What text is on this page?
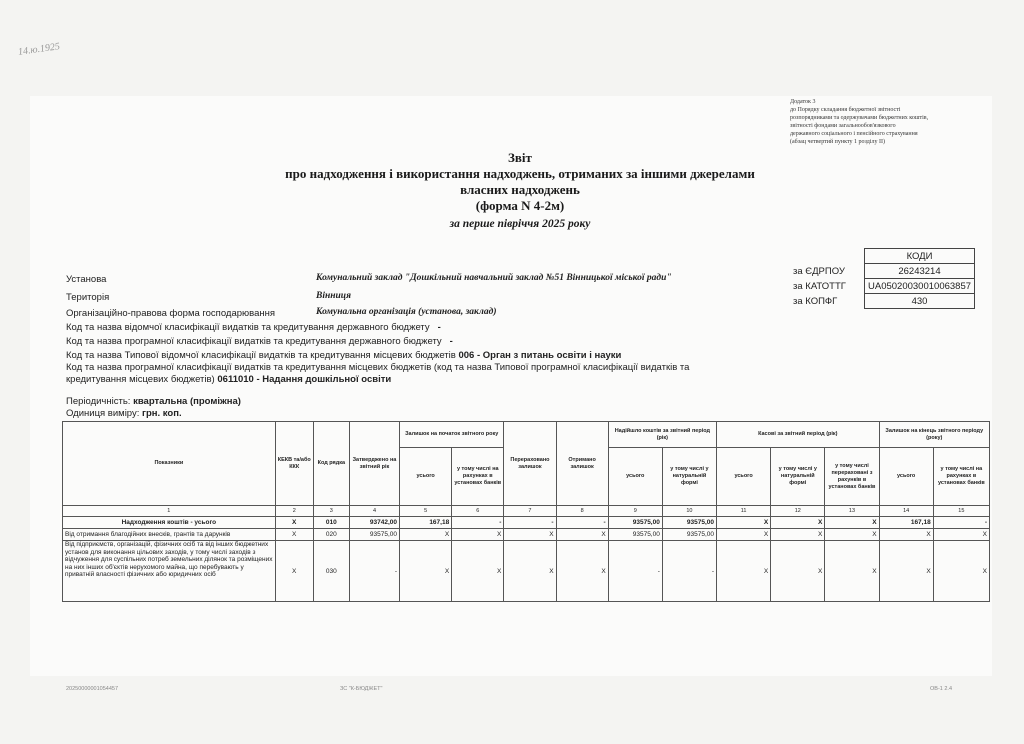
14.ю.1925
Додаток 3
до Порядку складання бюджетної звітності
розпорядниками та одержувачами бюджетних коштів,
звітності фондами загальнообов'язкового
державного соціального і пенсійного страхування
(абзац четвертий пункту 1 розділу ІІ)
Звіт
про надходження і використання надходжень, отриманих за іншими джерелами
власних надходжень
(форма N 4-2м)
за перше півріччя 2025 року
	КОДИ
за ЄДРПОУ	26243214
за КАТОТТГ	UA05020030010063857
за КОПФГ	430
Установа	Комунальний заклад "Дошкільний навчальний заклад №51 Вінницької міської ради"
Територія	Вінниця
Організаційно-правова форма господарювання	Комунальна організація (установа, заклад)
Код та назва відомчої класифікації видатків та кредитування державного бюджету -
Код та назва програмної класифікації видатків та кредитування державного бюджету -
Код та назва Типової відомчої класифікації видатків та кредитування місцевих бюджетів 006 - Орган з питань освіти і науки
Код та назва програмної класифікації видатків та кредитування місцевих бюджетів (код та назва Типової програмної класифікації видатків та
кредитування місцевих бюджетів) 0611010 - Надання дошкільної освіти
Періодичність: квартальна (проміжна)
Одиниця виміру: грн. коп.
Показники	КЕКВ та/або ККК	Код рядка	Затверджено на звітний рік	Залишок на початок звітного року		Перераховано залишок	Отримано залишок	Надійшло коштів за звітний період (рік)		Касові за звітний період (рік)			Залишок на кінець звітного періоду (року)	
				усього	у тому числі на рахунках в установах банків			усього	у тому числі у натуральній формі	усього	у тому числі у натуральній формі	у тому числі перераховані з рахунків в установах банків	усього	у тому числі на рахунках в установах банків
1	2	3	4	5	6	7	8	9	10	11	12	13	14	15
Надходження коштів - усього	X	010	93742,00	167,18	-	-	-	93575,00	93575,00	X	X	X	167,18	-
Від отримання благодійних внесків, грантів та дарунків	X	020	93575,00	X	X	X	X	93575,00	93575,00	X	X	X	X	X
Від підприємств, організацій, фізичних осіб та від інших бюджетних установ для виконання цільових заходів, у тому числі заходів з відчуження для суспільних потреб земельних ділянок та розміщених на них інших об'єктів нерухомого майна, що перебувають у приватній власності фізичних або юридичних осіб	X	030	-	X	X	X	X	-	-	X	X	X	X	X
20250000001054457	ЗС "К-БЮДЖЕТ"	ОВ-1 2.4
